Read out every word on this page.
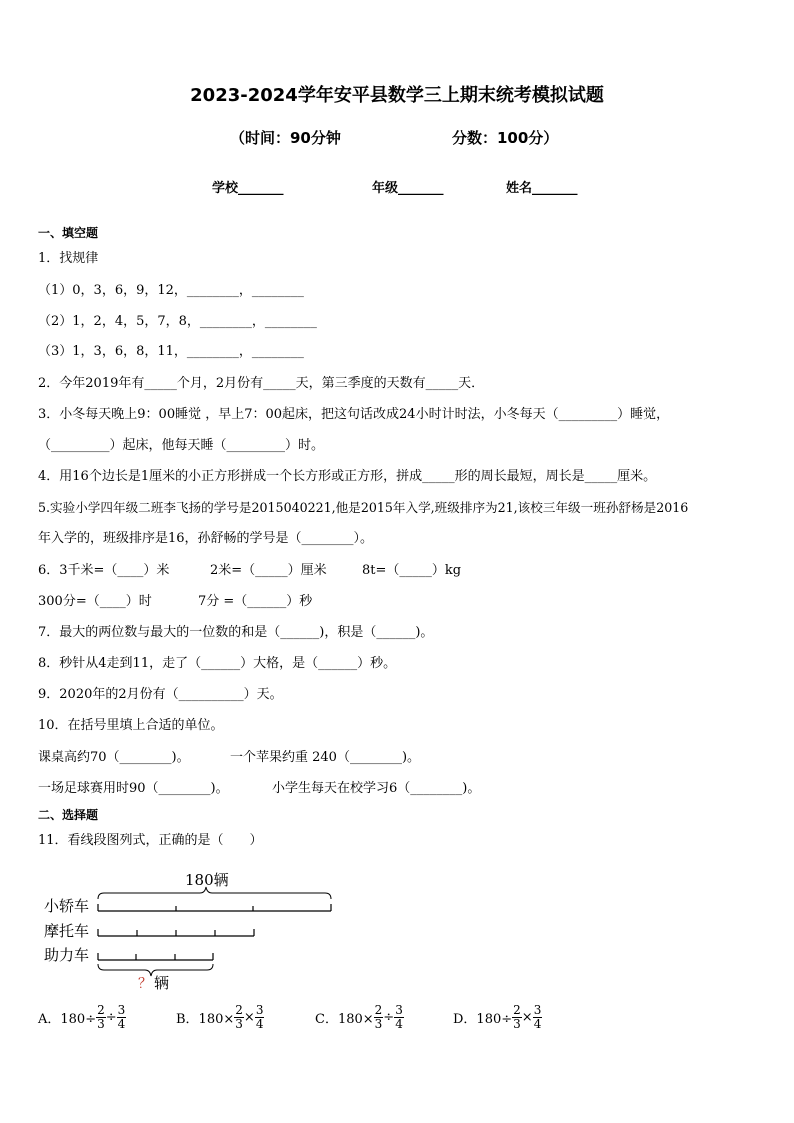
2023-2024学年安平县数学三上期末统考模拟试题
（时间：90分钟	分数：100分）
学校_______	年级_______	姓名_______
一、填空题
1．找规律
（1）0，3，6，9，12，________，________
（2）1，2，4，5，7，8，________，________
（3）1，3，6，8，11，________，________
2．今年2019年有_____个月，2月份有_____天，第三季度的天数有_____天．
3．小冬每天晚上9：00睡觉 ，早上7：00起床，把这句话改成24小时计时法，小冬每天（_________）睡觉，
（_________）起床，他每天睡（_________）时。
4．用16个边长是1厘米的小正方形拼成一个长方形或正方形，拼成_____形的周长最短，周长是_____厘米。
5.实验小学四年级二班李飞扬的学号是2015040221,他是2015年入学,班级排序为21,该校三年级一班孙舒杨是2016
年入学的，班级排序是16，孙舒畅的学号是（________）。
6．3千米=（____）米	2米=（_____）厘米	8t=（_____）kg
300分=（____）时	7分 =（______）秒
7．最大的两位数与最大的一位数的和是（______)，积是（______)。
8．秒针从4走到11，走了（______）大格，是（______）秒。
9．2020年的2月份有（__________）天。
10．在括号里填上合适的单位。
课桌高约70（________)。	一个苹果约重 240（________)。
一场足球赛用时90（________)。	小学生每天在校学习6（________)。
二、选择题
11．看线段图列式，正确的是（　　）
180辆
小轿车
摩托车
助力车
？ 辆
A．$180\div \frac{2}{3} \div \frac{3}{4}$	B．$180\times \frac{2}{3} \times \frac{3}{4}$	C．$180\times \frac{2}{3} \div \frac{3}{4}$	D．$180\div \frac{2}{3} \times \frac{3}{4}$
